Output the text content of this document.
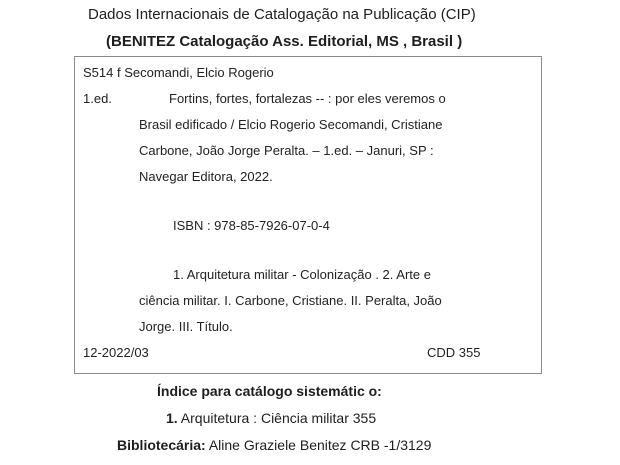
Dados Internacionais de Catalogação na Publicação (CIP)
(BENITEZ Catalogação Ass. Editorial, MS , Brasil )
S514 f Secomandi, Elcio Rogerio
1.ed.	Fortins, fortes, fortalezas -- : por eles veremos o
Brasil edificado / Elcio Rogerio Secomandi, Cristiane
Carbone, João Jorge Peralta. – 1.ed. – Januri, SP :
Navegar Editora, 2022.
ISBN : 978-85-7926-07-0-4
1. Arquitetura militar - Colonização . 2. Arte e
ciência militar. I. Carbone, Cristiane. II. Peralta, João
Jorge. III. Título.
12-2022/03	CDD 355
Índice para catálogo sistemátic o:
1. Arquitetura : Ciência militar 355
Bibliotecária: Aline Graziele Benitez CRB -1/3129
